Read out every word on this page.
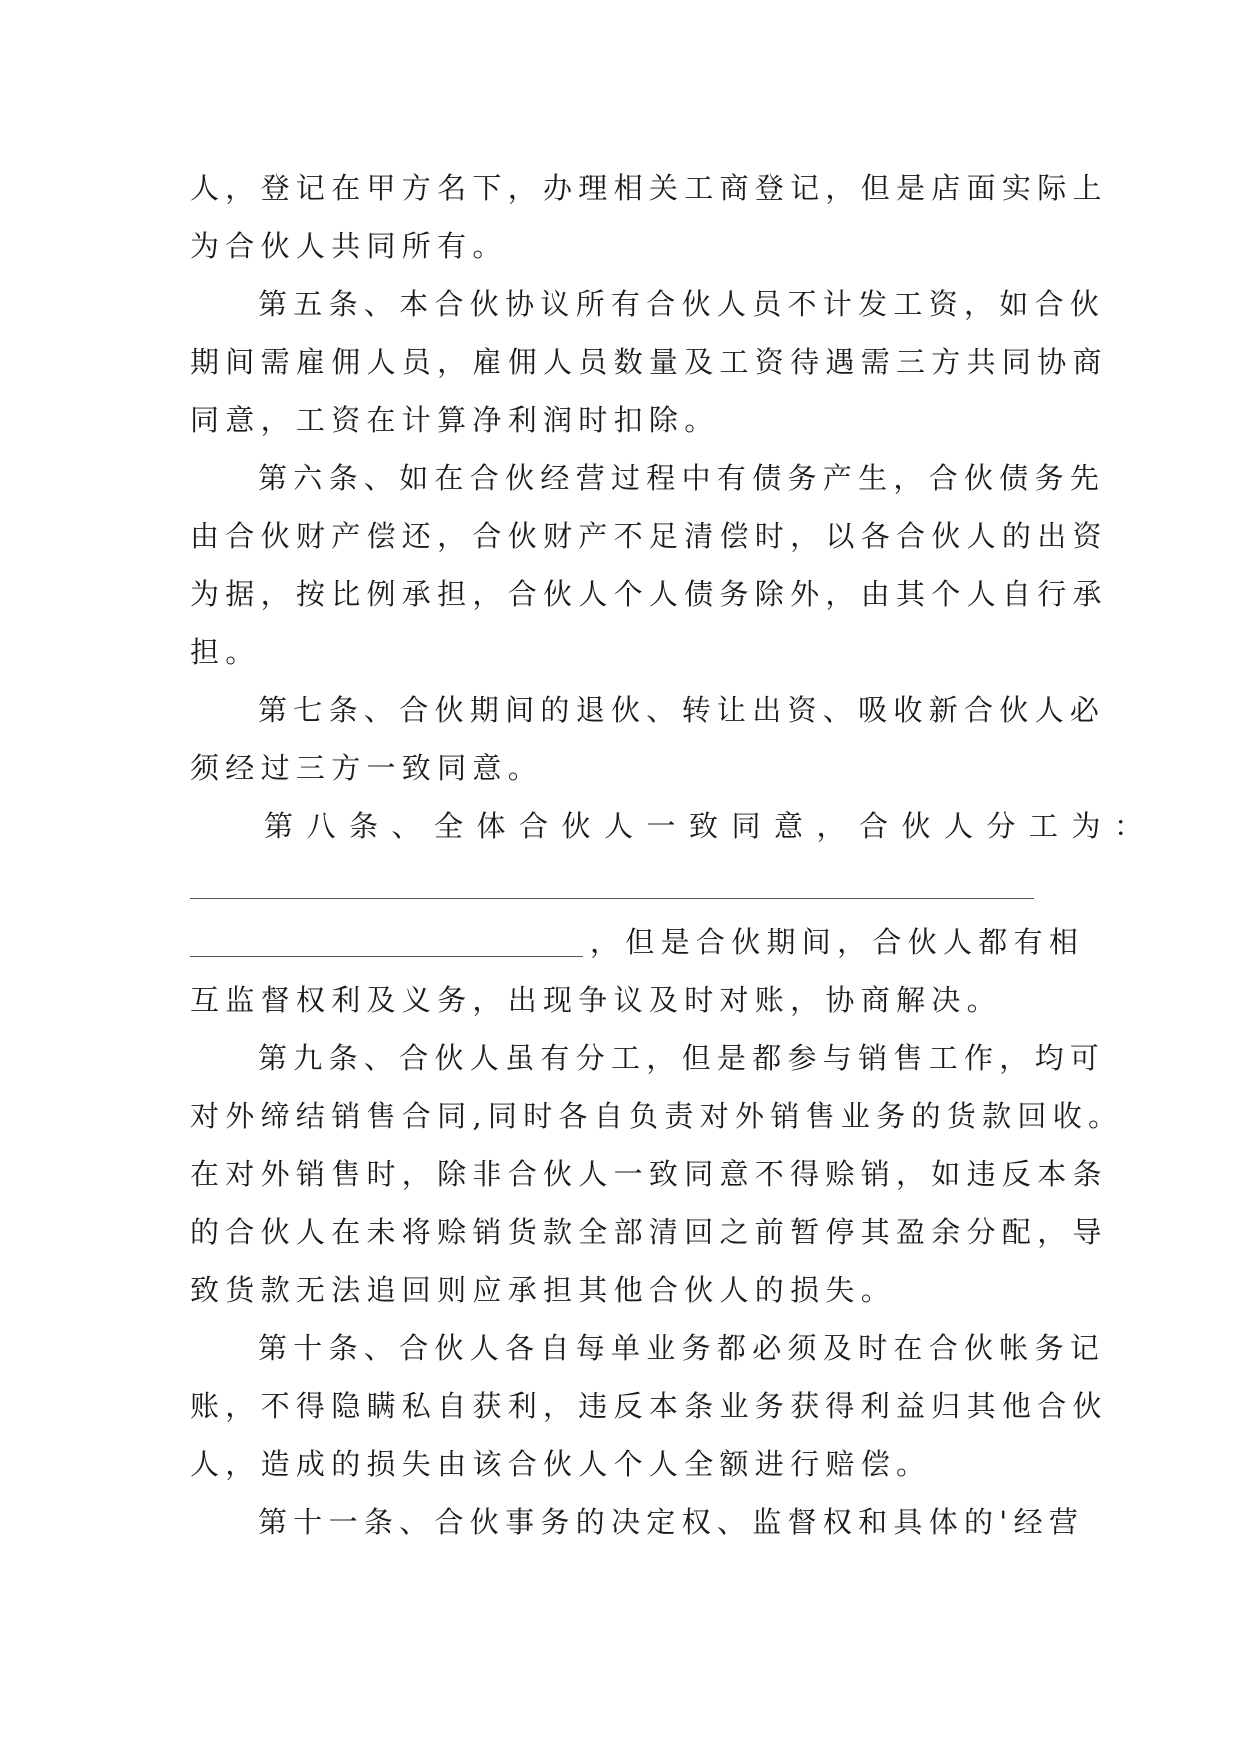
人，登记在甲方名下，办理相关工商登记，但是店面实际上
为合伙人共同所有。
第五条、本合伙协议所有合伙人员不计发工资，如合伙
期间需雇佣人员，雇佣人员数量及工资待遇需三方共同协商
同意，工资在计算净利润时扣除。
第六条、如在合伙经营过程中有债务产生，合伙债务先
由合伙财产偿还，合伙财产不足清偿时，以各合伙人的出资
为据，按比例承担，合伙人个人债务除外，由其个人自行承
担。
第七条、合伙期间的退伙、转让出资、吸收新合伙人必
须经过三方一致同意。
第八条、全体合伙人一致同意，合伙人分工为：
，但是合伙期间，合伙人都有相
互监督权利及义务，出现争议及时对账，协商解决。
第九条、合伙人虽有分工，但是都参与销售工作，均可
对外缔结销售合同,同时各自负责对外销售业务的货款回收。
在对外销售时，除非合伙人一致同意不得赊销，如违反本条
的合伙人在未将赊销货款全部清回之前暂停其盈余分配，导
致货款无法追回则应承担其他合伙人的损失。
第十条、合伙人各自每单业务都必须及时在合伙帐务记
账，不得隐瞒私自获利，违反本条业务获得利益归其他合伙
人，造成的损失由该合伙人个人全额进行赔偿。
第十一条、合伙事务的决定权、监督权和具体的'经营
